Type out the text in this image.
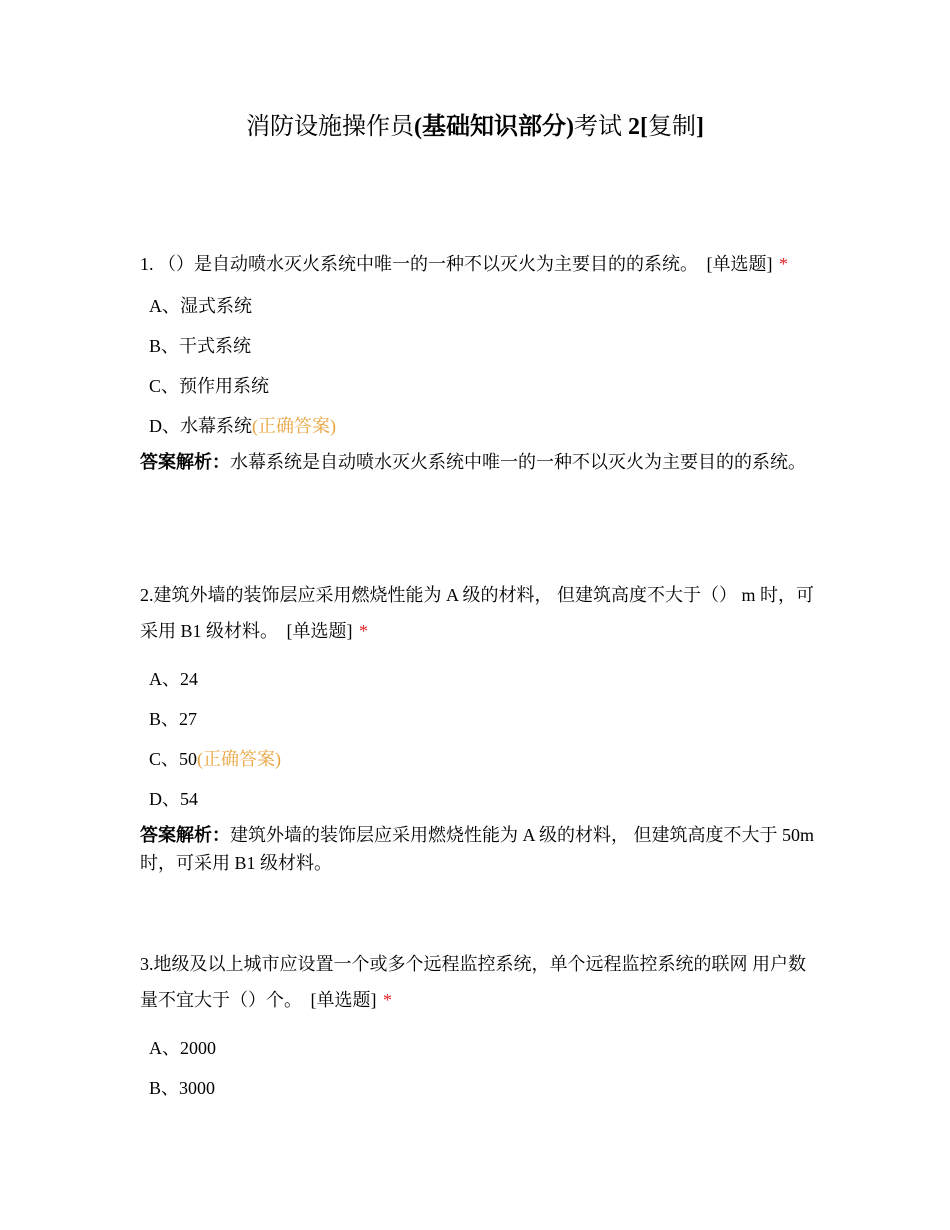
消防设施操作员(基础知识部分)考试 2[复制]
1. （）是自动喷水灭火系统中唯一的一种不以灭火为主要目的的系统。 [单选题] *
A、湿式系统
B、干式系统
C、预作用系统
D、水幕系统(正确答案)
答案解析：水幕系统是自动喷水灭火系统中唯一的一种不以灭火为主要目的的系统。
2.建筑外墙的装饰层应采用燃烧性能为 A 级的材料， 但建筑高度不大于（） m 时，可采用 B1 级材料。 [单选题] *
A、24
B、27
C、50(正确答案)
D、54
答案解析：建筑外墙的装饰层应采用燃烧性能为 A 级的材料， 但建筑高度不大于 50m 时，可采用 B1 级材料。
3.地级及以上城市应设置一个或多个远程监控系统，单个远程监控系统的联网 用户数量不宜大于（）个。 [单选题] *
A、2000
B、3000
